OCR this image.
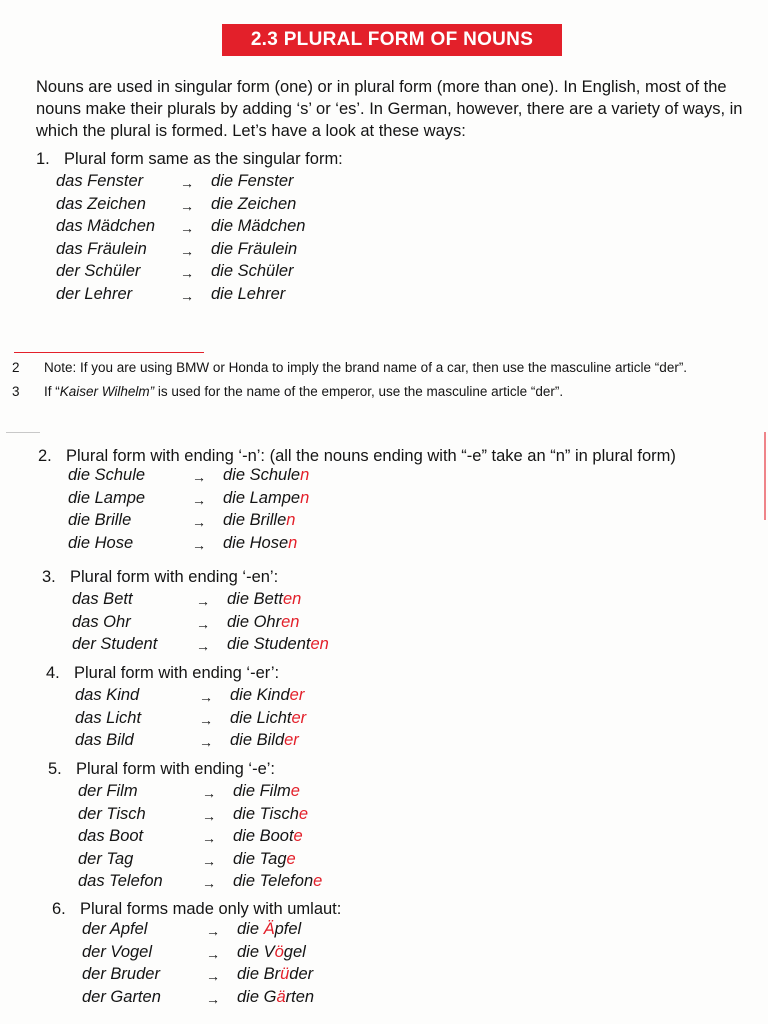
2.3 PLURAL FORM OF NOUNS

Nouns are used in singular form (one) or in plural form (more than one). In English, most of the nouns make their plurals by adding ‘s’ or ‘es’. In German, however, there are a variety of ways, in which the plural is formed. Let’s have a look at these ways:

1. Plural form same as the singular form:
das Fenster	→ die Fenster
das Zeichen → die Zeichen
das Mädchen → die Mädchen
das Fräulein → die Fräulein
der Schüler	→ die Schüler
der Lehrer	→ die Lehrer
2 Note: If you are using BMW or Honda to imply the brand name of a car, then use the masculine article “der”.
3 If “Kaiser Wilhelm” is used for the name of the emperor, use the masculine article “der”.
2. Plural form with ending ‘-n’: (all the nouns ending with “-e” take an “n” in plural form)
die Schule	→ die Schulen
die Lampe	→ die Lampen
die Brille	→ die Brillen
die Hose	→ die Hosen
3. Plural form with ending ‘-en’:
das Bett	→ die Betten
das Ohr	→ die Ohren
der Student	→ die Studenten
4. Plural form with ending ‘-er’:
das Kind	→ die Kinder
das Licht	→ die Lichter
das Bild	→ die Bilder
5. Plural form with ending ‘-e’:
der Film	→ die Filme
der Tisch	→ die Tische
das Boot	→ die Boote
der Tag	→ die Tage
das Telefon	→ die Telefone
6. Plural forms made only with umlaut:
der Apfel	→ die Äpfel
der Vogel	→ die Vögel
der Bruder	→ die Brüder
der Garten	→ die Gärten
